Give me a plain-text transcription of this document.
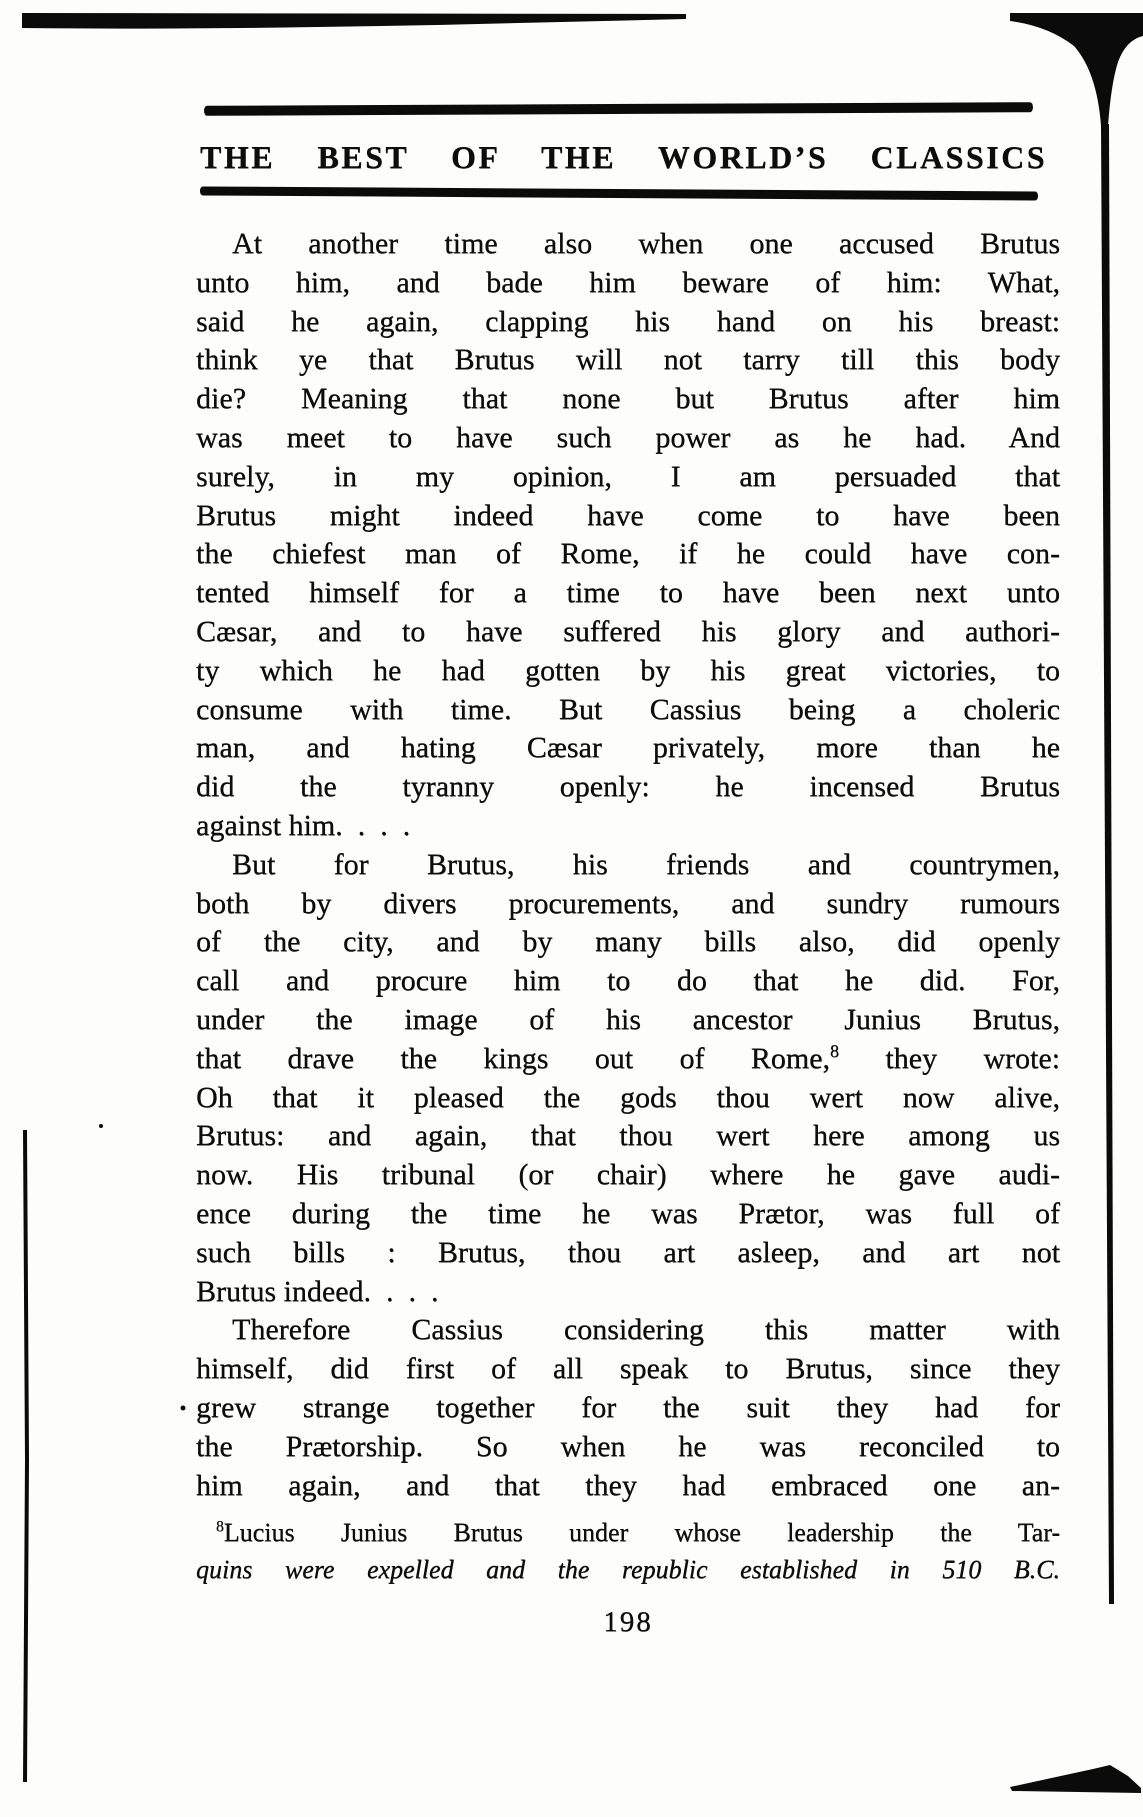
THE BEST OF THE WORLD’S CLASSICS
At another time also when one accused Brutus
unto him, and bade him beware of him: What,
said he again, clapping his hand on his breast:
think ye that Brutus will not tarry till this body
die? Meaning that none but Brutus after him
was meet to have such power as he had. And
surely, in my opinion, I am persuaded that
Brutus might indeed have come to have been
the chiefest man of Rome, if he could have con-
tented himself for a time to have been next unto
Cæsar, and to have suffered his glory and authori-
ty which he had gotten by his great victories, to
consume with time. But Cassius being a choleric
man, and hating Cæsar privately, more than he
did the tyranny openly: he incensed Brutus
against him. . . .
But for Brutus, his friends and countrymen,
both by divers procurements, and sundry rumours
of the city, and by many bills also, did openly
call and procure him to do that he did. For,
under the image of his ancestor Junius Brutus,
that drave the kings out of Rome,$^8$ they wrote:
Oh that it pleased the gods thou wert now alive,
Brutus: and again, that thou wert here among us
now. His tribunal (or chair) where he gave audi-
ence during the time he was Prætor, was full of
such bills : Brutus, thou art asleep, and art not
Brutus indeed. . . .
Therefore Cassius considering this matter with
himself, did first of all speak to Brutus, since they
grew strange together for the suit they had for
the Prætorship. So when he was reconciled to
him again, and that they had embraced one an-
$^8$Lucius Junius Brutus under whose leadership the Tar-
quins were expelled and the republic established in 510 B.C.
198
